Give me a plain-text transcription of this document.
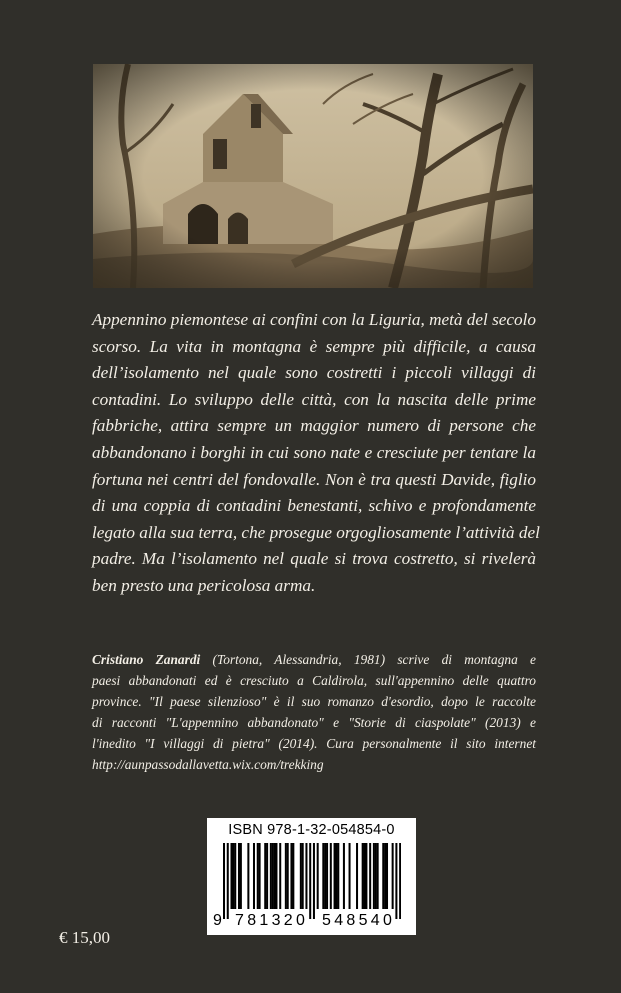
Appennino piemontese ai confini con la Liguria, metà del secolo
scorso. La vita in montagna è sempre più difficile, a causa
dell’isolamento nel quale sono costretti i piccoli villaggi di
contadini. Lo sviluppo delle città, con la nascita delle prime
fabbriche, attira sempre un maggior numero di persone che
abbandonano i borghi in cui sono nate e cresciute per tentare la
fortuna nei centri del fondovalle. Non è tra questi Davide, figlio
di una coppia di contadini benestanti, schivo e profondamente
legato alla sua terra, che prosegue orgogliosamente l’attività del
padre. Ma l’isolamento nel quale si trova costretto, si rivelerà
ben presto una pericolosa arma.
Cristiano Zanardi (Tortona, Alessandria, 1981) scrive di montagna e
paesi abbandonati ed è cresciuto a Caldirola, sull'appennino delle quattro
province. "Il paese silenzioso" è il suo romanzo d'esordio, dopo le raccolte
di racconti "L'appennino abbandonato" e "Storie di ciaspolate" (2013) e
l'inedito "I villaggi di pietra" (2014). Cura personalmente il sito internet
http://aunpassodallavetta.wix.com/trekking
ISBN 978-1-32-054854-0
9 781320 548540
€ 15,00
